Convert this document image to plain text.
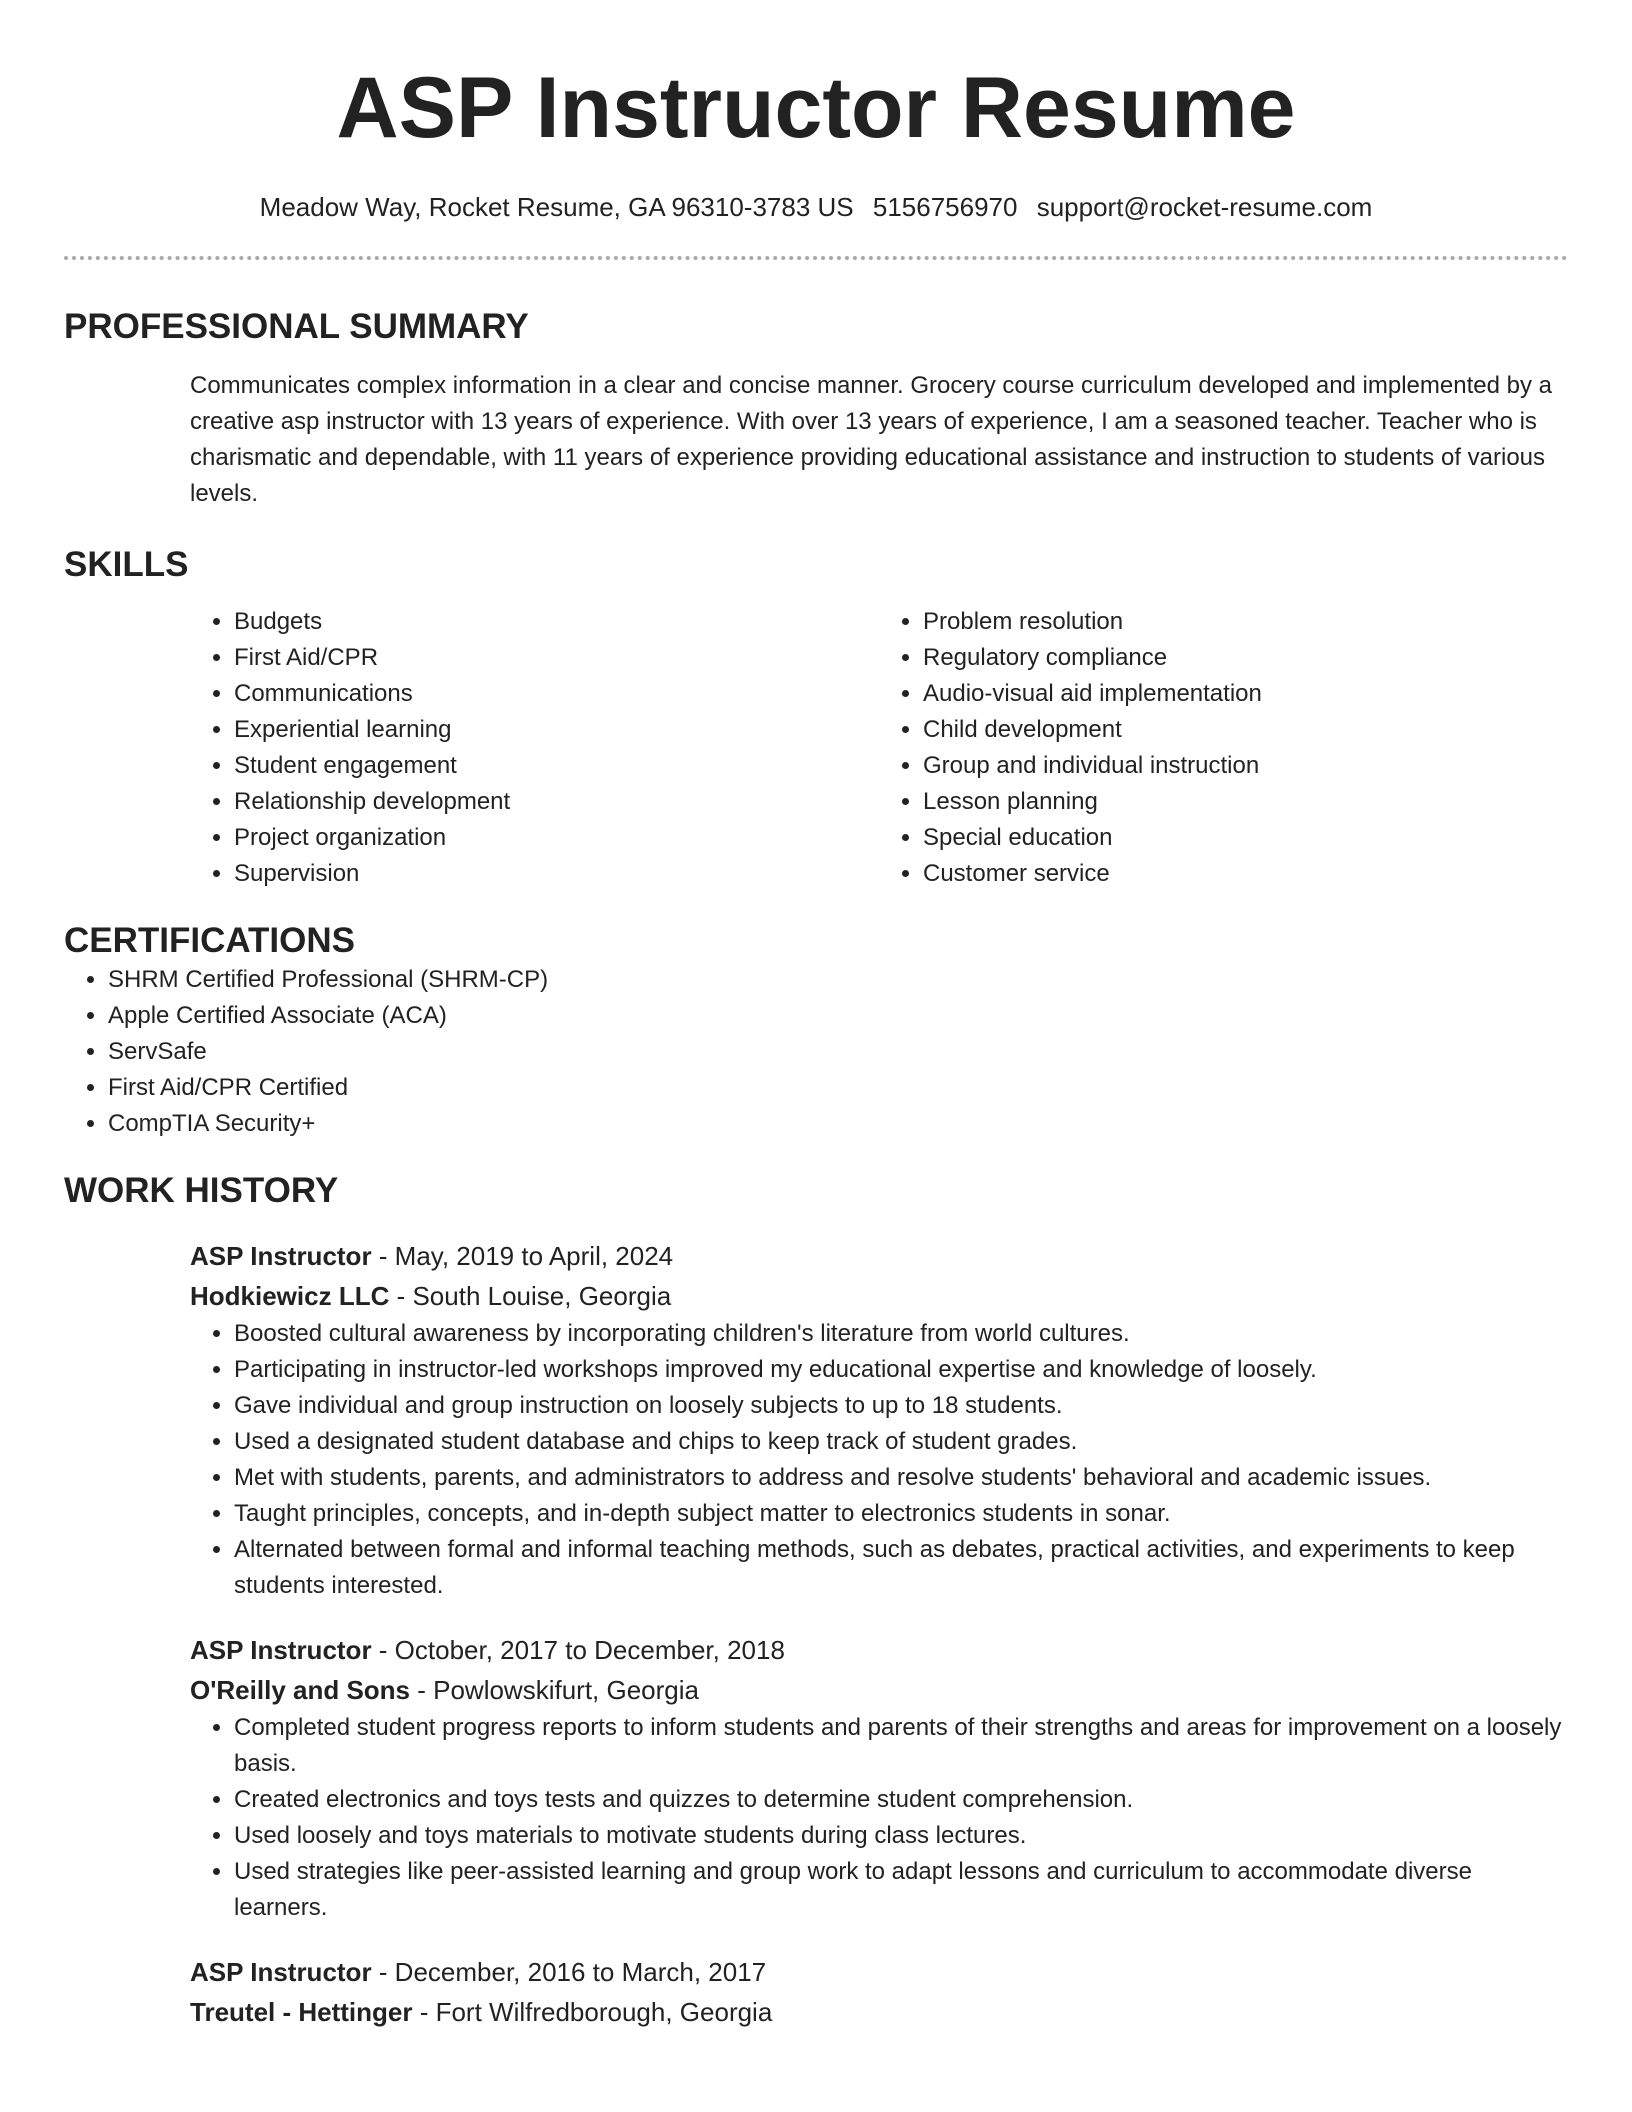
ASP Instructor Resume
Meadow Way, Rocket Resume, GA 96310-3783 US 5156756970 support@rocket-resume.com
PROFESSIONAL SUMMARY
Communicates complex information in a clear and concise manner. Grocery course curriculum developed and implemented by a creative asp instructor with 13 years of experience. With over 13 years of experience, I am a seasoned teacher. Teacher who is charismatic and dependable, with 11 years of experience providing educational assistance and instruction to students of various levels.
SKILLS
• Budgets
• First Aid/CPR
• Communications
• Experiential learning
• Student engagement
• Relationship development
• Project organization
• Supervision
• Problem resolution
• Regulatory compliance
• Audio-visual aid implementation
• Child development
• Group and individual instruction
• Lesson planning
• Special education
• Customer service
CERTIFICATIONS
• SHRM Certified Professional (SHRM-CP)
• Apple Certified Associate (ACA)
• ServSafe
• First Aid/CPR Certified
• CompTIA Security+
WORK HISTORY
ASP Instructor - May, 2019 to April, 2024
Hodkiewicz LLC - South Louise, Georgia
• Boosted cultural awareness by incorporating children's literature from world cultures.
• Participating in instructor-led workshops improved my educational expertise and knowledge of loosely.
• Gave individual and group instruction on loosely subjects to up to 18 students.
• Used a designated student database and chips to keep track of student grades.
• Met with students, parents, and administrators to address and resolve students' behavioral and academic issues.
• Taught principles, concepts, and in-depth subject matter to electronics students in sonar.
• Alternated between formal and informal teaching methods, such as debates, practical activities, and experiments to keep students interested.
ASP Instructor - October, 2017 to December, 2018
O'Reilly and Sons - Powlowskifurt, Georgia
• Completed student progress reports to inform students and parents of their strengths and areas for improvement on a loosely basis.
• Created electronics and toys tests and quizzes to determine student comprehension.
• Used loosely and toys materials to motivate students during class lectures.
• Used strategies like peer-assisted learning and group work to adapt lessons and curriculum to accommodate diverse learners.
ASP Instructor - December, 2016 to March, 2017
Treutel - Hettinger - Fort Wilfredborough, Georgia
